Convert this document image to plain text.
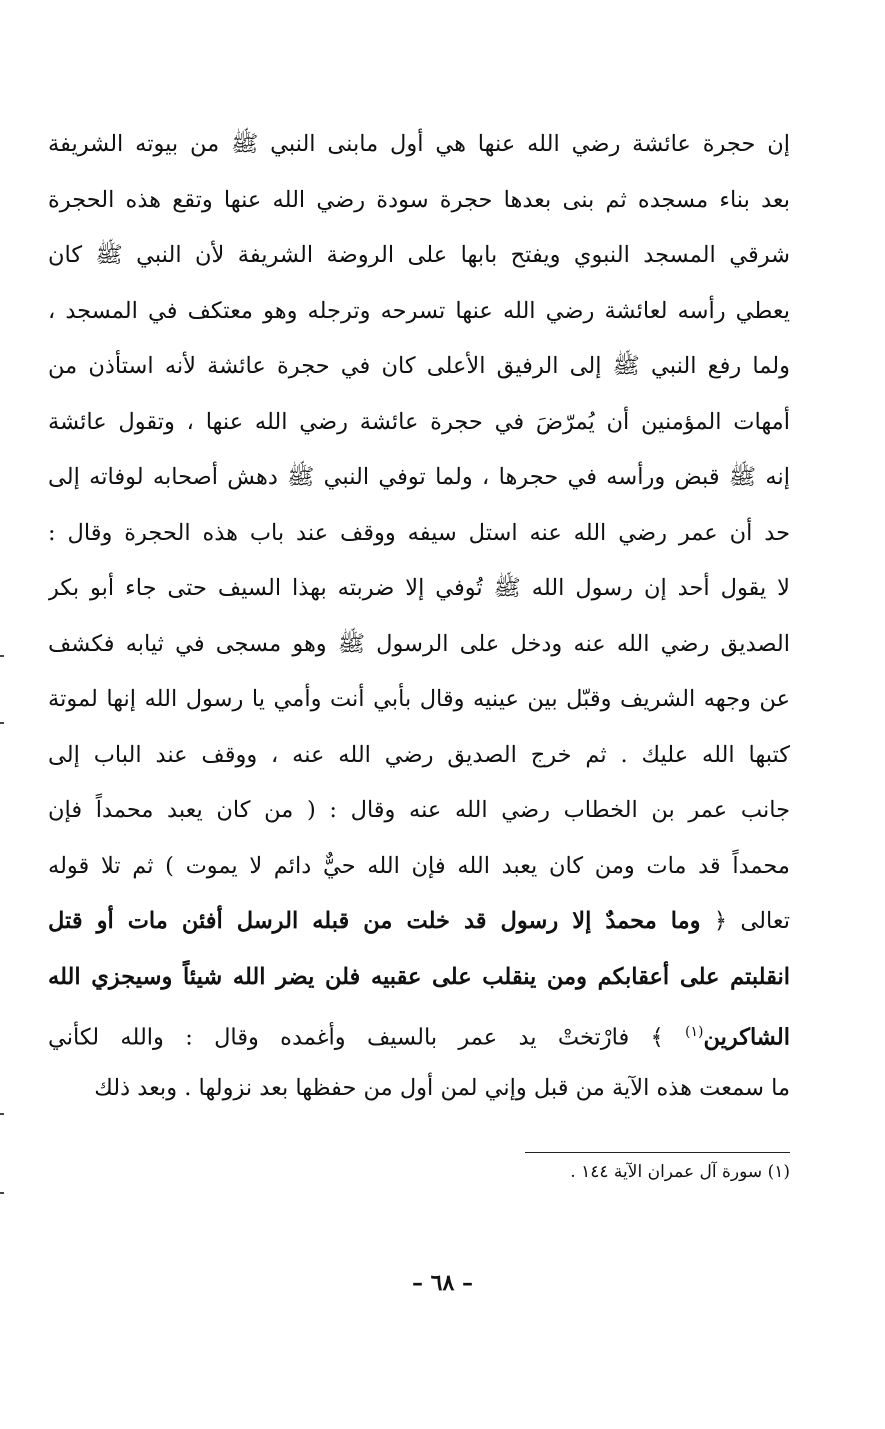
إن حجرة عائشة رضي الله عنها هي أول مابنى النبي ﷺ من بيوته الشريفة
بعد بناء مسجده ثم بنى بعدها حجرة سودة رضي الله عنها وتقع هذه الحجرة
شرقي المسجد النبوي ويفتح بابها على الروضة الشريفة لأن النبي ﷺ كان
يعطي رأسه لعائشة رضي الله عنها تسرحه وترجله وهو معتكف في المسجد ،
ولما رفع النبي ﷺ إلى الرفيق الأعلى كان في حجرة عائشة لأنه استأذن من
أمهات المؤمنين أن يُمرّضَ في حجرة عائشة رضي الله عنها ، وتقول عائشة
إنه ﷺ قبض ورأسه في حجرها ، ولما توفي النبي ﷺ دهش أصحابه لوفاته إلى
حد أن عمر رضي الله عنه استل سيفه ووقف عند باب هذه الحجرة وقال :
لا يقول أحد إن رسول الله ﷺ تُوفي إلا ضربته بهذا السيف حتى جاء أبو بكر
الصديق رضي الله عنه ودخل على الرسول ﷺ وهو مسجى في ثيابه فكشف
عن وجهه الشريف وقبّل بين عينيه وقال بأبي أنت وأمي يا رسول الله إنها لموتة
كتبها الله عليك . ثم خرج الصديق رضي الله عنه ، ووقف عند الباب إلى
جانب عمر بن الخطاب رضي الله عنه وقال : ( من كان يعبد محمداً فإن
محمداً قد مات ومن كان يعبد الله فإن الله حيٌّ دائم لا يموت ) ثم تلا قوله
تعالى ﴿ وما محمدٌ إلا رسول قد خلت من قبله الرسل أفئن مات أو قتل
انقلبتم على أعقابكم ومن ينقلب على عقبيه فلن يضر الله شيئاً وسيجزي الله
الشاكرين$^{(١)}$ ﴾ فارْتختْ يد عمر بالسيف وأغمده وقال : والله لكأني
ما سمعت هذه الآية من قبل وإني لمن أول من حفظها بعد نزولها . وبعد ذلك
(١) سورة آل عمران الآية ١٤٤ .
– ٦٨ –
